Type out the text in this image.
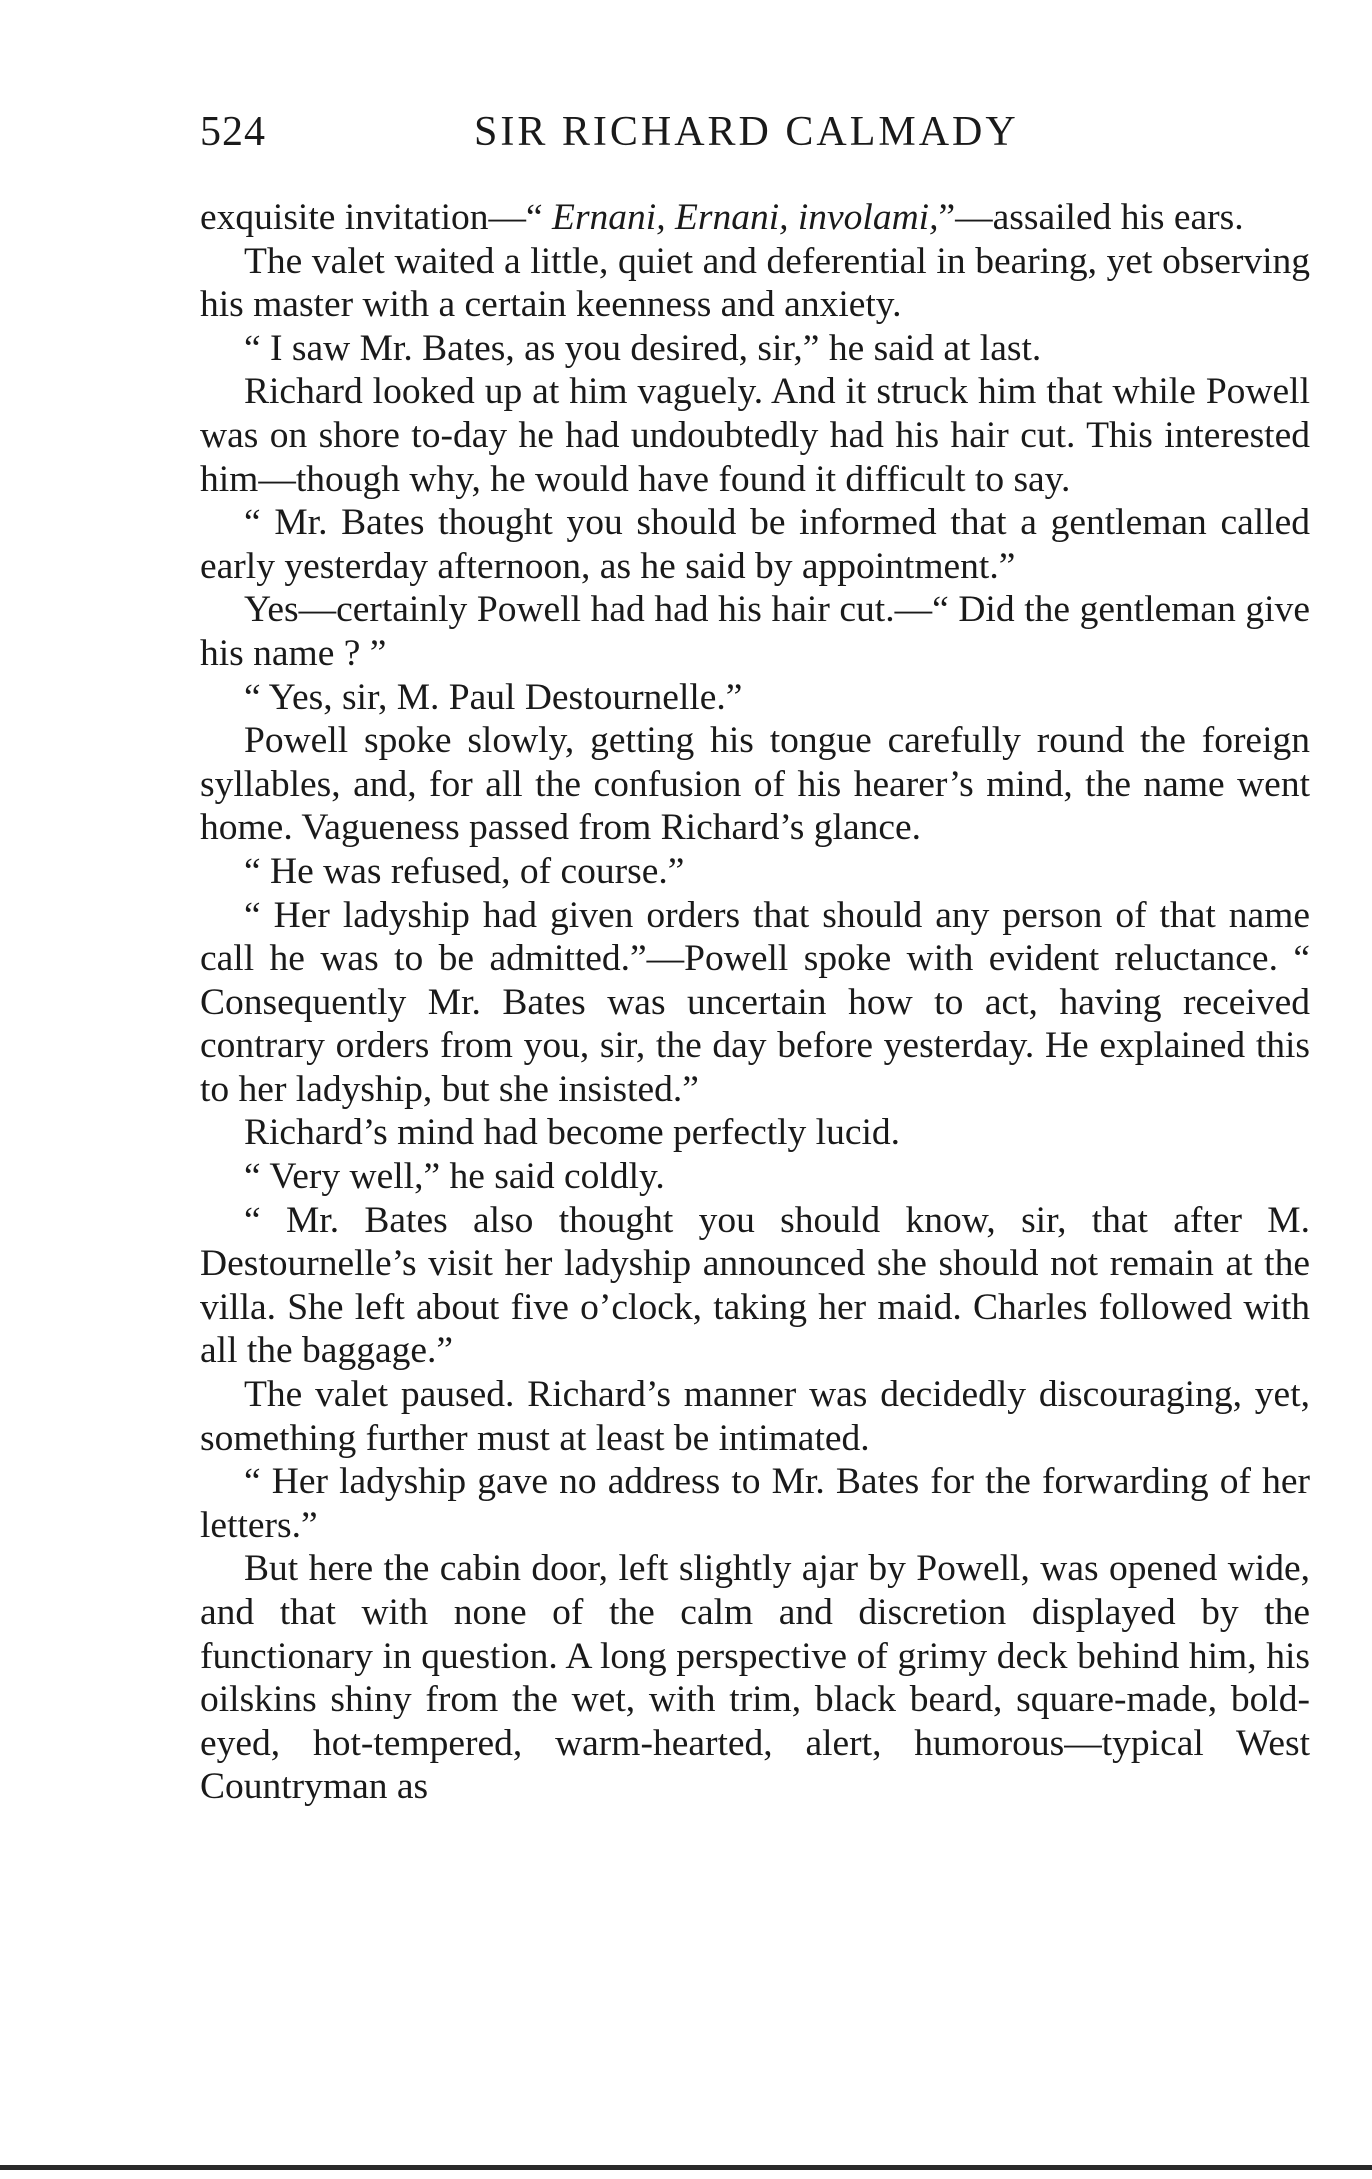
524	SIR RICHARD CALMADY

exquisite invitation—“ Ernani, Ernani, involami,”—assailed his ears.

The valet waited a little, quiet and deferential in bearing, yet observing his master with a certain keenness and anxiety.

“ I saw Mr. Bates, as you desired, sir,” he said at last.

Richard looked up at him vaguely. And it struck him that while Powell was on shore to-day he had undoubtedly had his hair cut. This interested him—though why, he would have found it difficult to say.

“ Mr. Bates thought you should be informed that a gentleman called early yesterday afternoon, as he said by appointment.”

Yes—certainly Powell had had his hair cut.—“ Did the gentleman give his name ? ”

“ Yes, sir, M. Paul Destournelle.”

Powell spoke slowly, getting his tongue carefully round the foreign syllables, and, for all the confusion of his hearer’s mind, the name went home. Vagueness passed from Richard’s glance.

“ He was refused, of course.”

“ Her ladyship had given orders that should any person of that name call he was to be admitted.”—Powell spoke with evident reluctance. “ Consequently Mr. Bates was uncertain how to act, having received contrary orders from you, sir, the day before yesterday. He explained this to her ladyship, but she insisted.”

Richard’s mind had become perfectly lucid.

“ Very well,” he said coldly.

“ Mr. Bates also thought you should know, sir, that after M. Destournelle’s visit her ladyship announced she should not remain at the villa. She left about five o’clock, taking her maid. Charles followed with all the baggage.”

The valet paused. Richard’s manner was decidedly discouraging, yet, something further must at least be intimated.

“ Her ladyship gave no address to Mr. Bates for the forwarding of her letters.”

But here the cabin door, left slightly ajar by Powell, was opened wide, and that with none of the calm and discretion displayed by the functionary in question. A long perspective of grimy deck behind him, his oilskins shiny from the wet, with trim, black beard, square-made, bold-eyed, hot-tempered, warm-hearted, alert, humorous—typical West Countryman as
